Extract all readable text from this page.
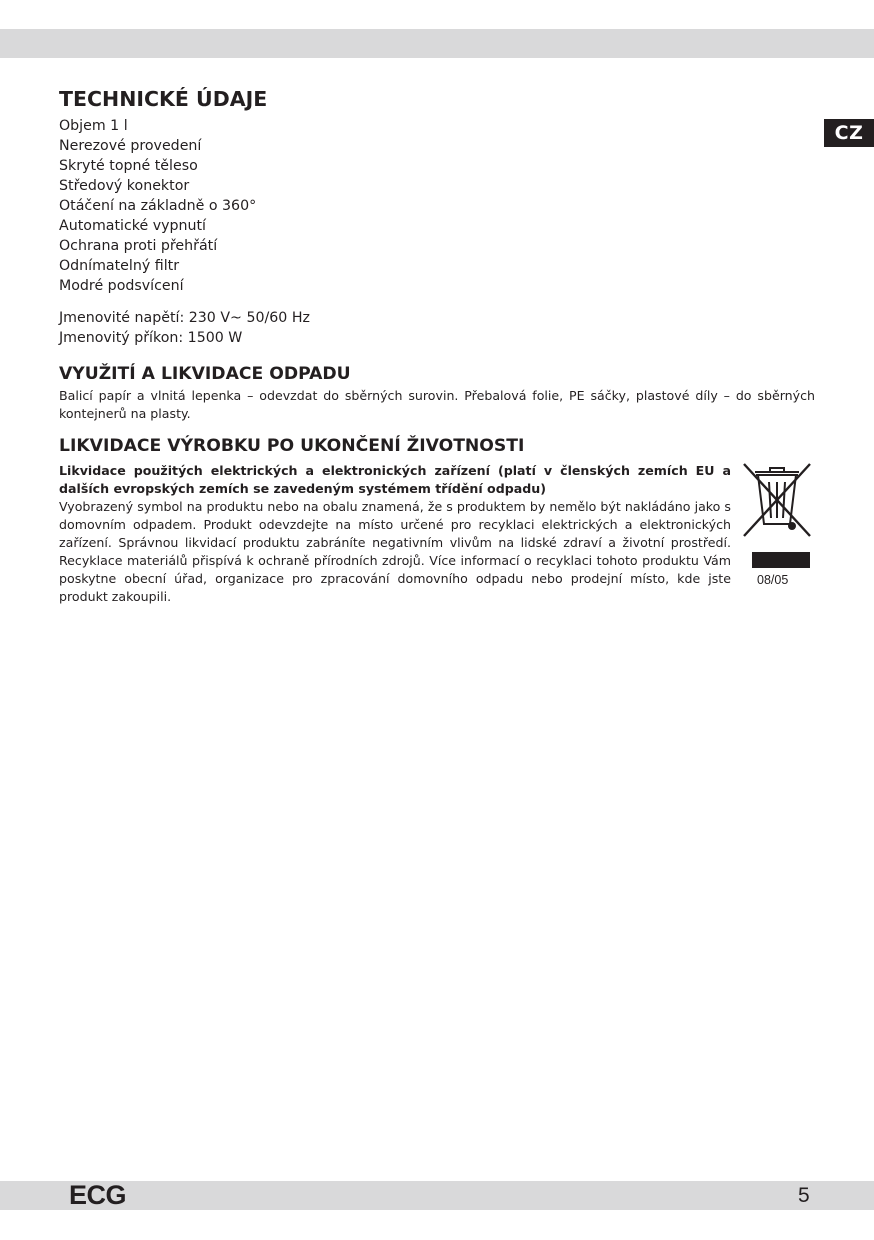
CZ
TECHNICKÉ ÚDAJE
Objem 1 l
Nerezové provedení
Skryté topné těleso
Středový konektor
Otáčení na základně o 360°
Automatické vypnutí
Ochrana proti přehřátí
Odnímatelný filtr
Modré podsvícení
Jmenovité napětí: 230 V~ 50/60 Hz
Jmenovitý příkon: 1500 W
VYUŽITÍ A LIKVIDACE ODPADU

Balicí papír a vlnitá lepenka – odevzdat do sběrných surovin. Přebalová folie, PE sáčky, plastové díly – do sběrných kontejnerů na plasty.

LIKVIDACE VÝROBKU PO UKONČENÍ ŽIVOTNOSTI
Likvidace použitých elektrických a elektronických zařízení (platí v členských zemích EU a dalších evropských zemích se zavedeným systémem třídění odpadu)

Vyobrazený symbol na produktu nebo na obalu znamená, že s produktem by nemělo být nakládáno jako s domovním odpadem. Produkt odevzdejte na místo určené pro recyklaci elektrických a elektronických zařízení. Správnou likvidací produktu zabráníte negativním vlivům na lidské zdraví a životní prostředí. Recyklace materiálů přispívá k ochraně přírodních zdrojů. Více informací o recyklaci tohoto produktu Vám poskytne obecní úřad, organizace pro zpracování domovního odpadu nebo prodejní místo, kde jste produkt zakoupili.

08/05
ECG	5
